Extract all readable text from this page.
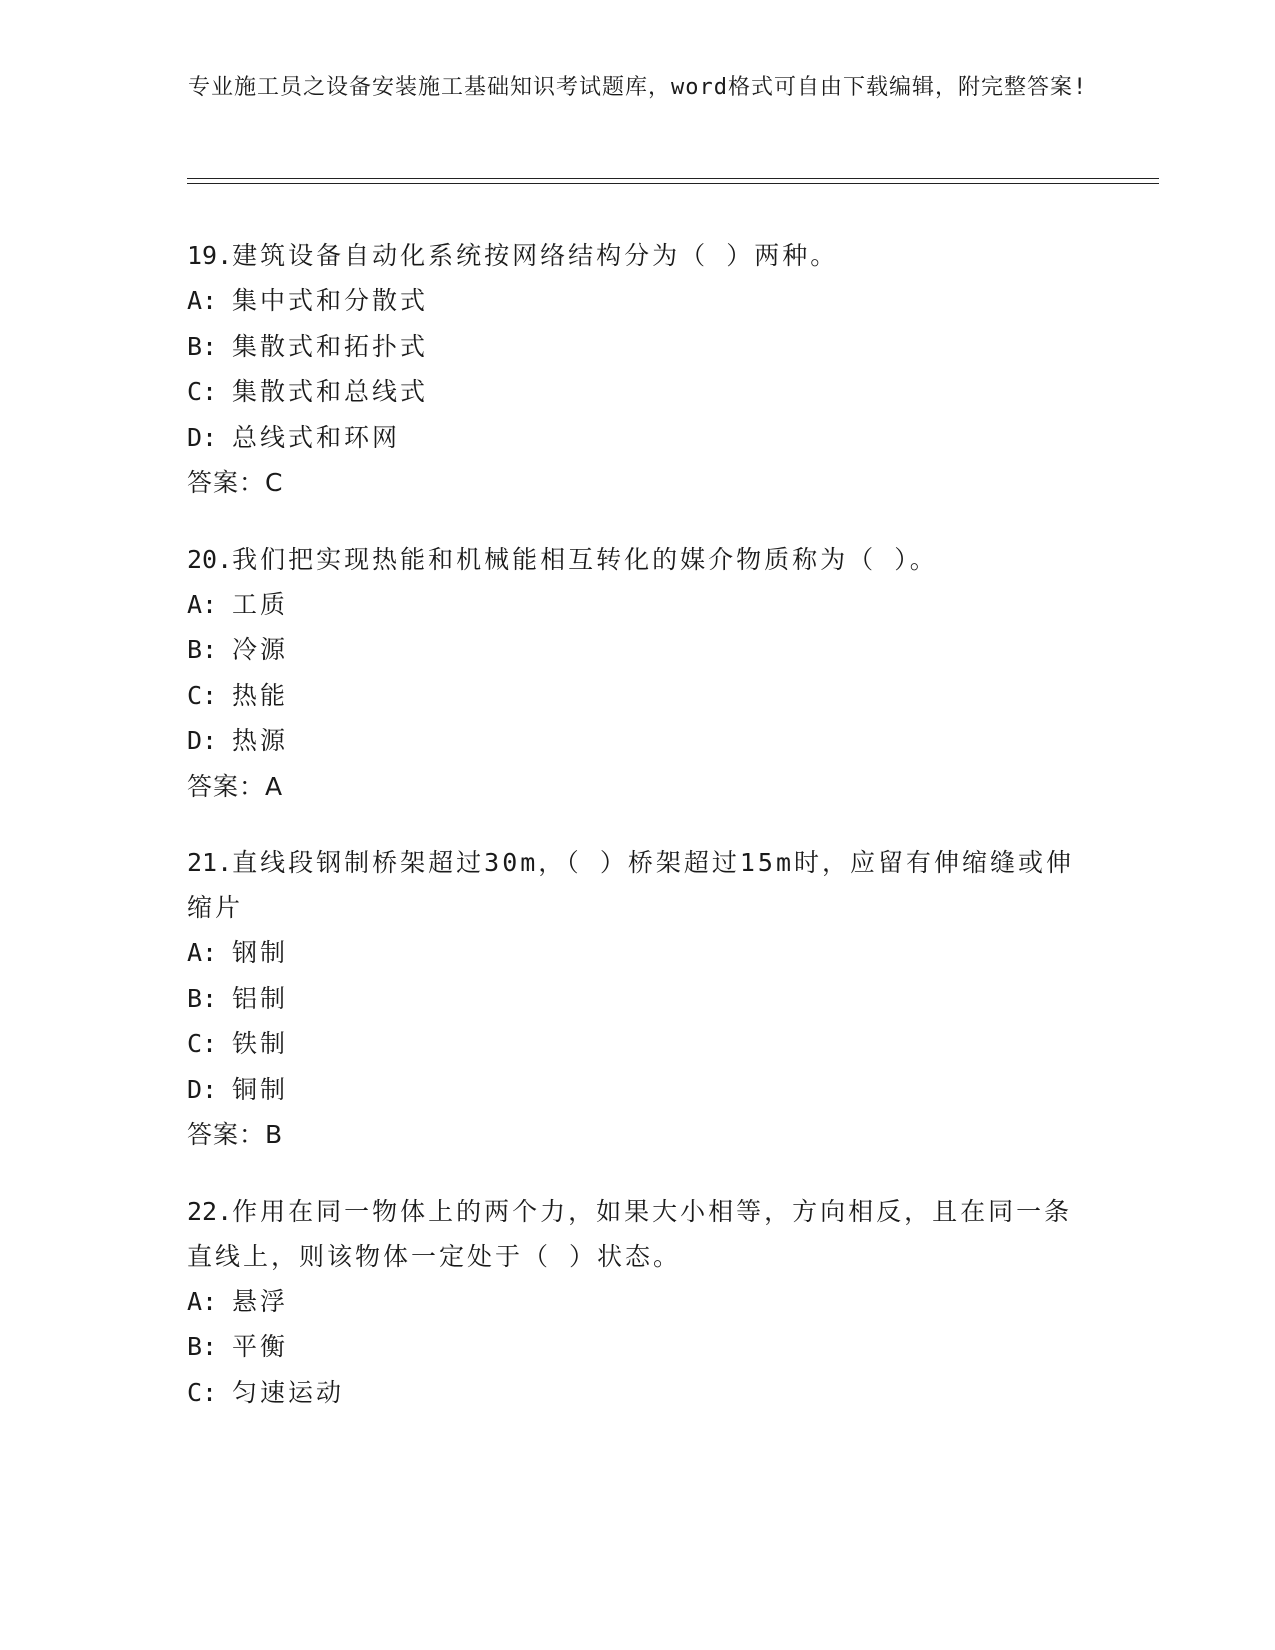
专业施工员之设备安装施工基础知识考试题库，word格式可自由下载编辑，附完整答案!

19.建筑设备自动化系统按网络结构分为（ ）两种。

A: 集中式和分散式

B: 集散式和拓扑式

C: 集散式和总线式

D: 总线式和环网

答案：C

20.我们把实现热能和机械能相互转化的媒介物质称为（ ）。

A: 工质

B: 冷源

C: 热能

D: 热源

答案：A

21.直线段钢制桥架超过30m，（ ）桥架超过15m时，应留有伸缩缝或伸缩片

A: 钢制

B: 铝制

C: 铁制

D: 铜制

答案：B

22.作用在同一物体上的两个力，如果大小相等，方向相反，且在同一条直线上，则该物体一定处于（ ）状态。

A: 悬浮

B: 平衡

C: 匀速运动
